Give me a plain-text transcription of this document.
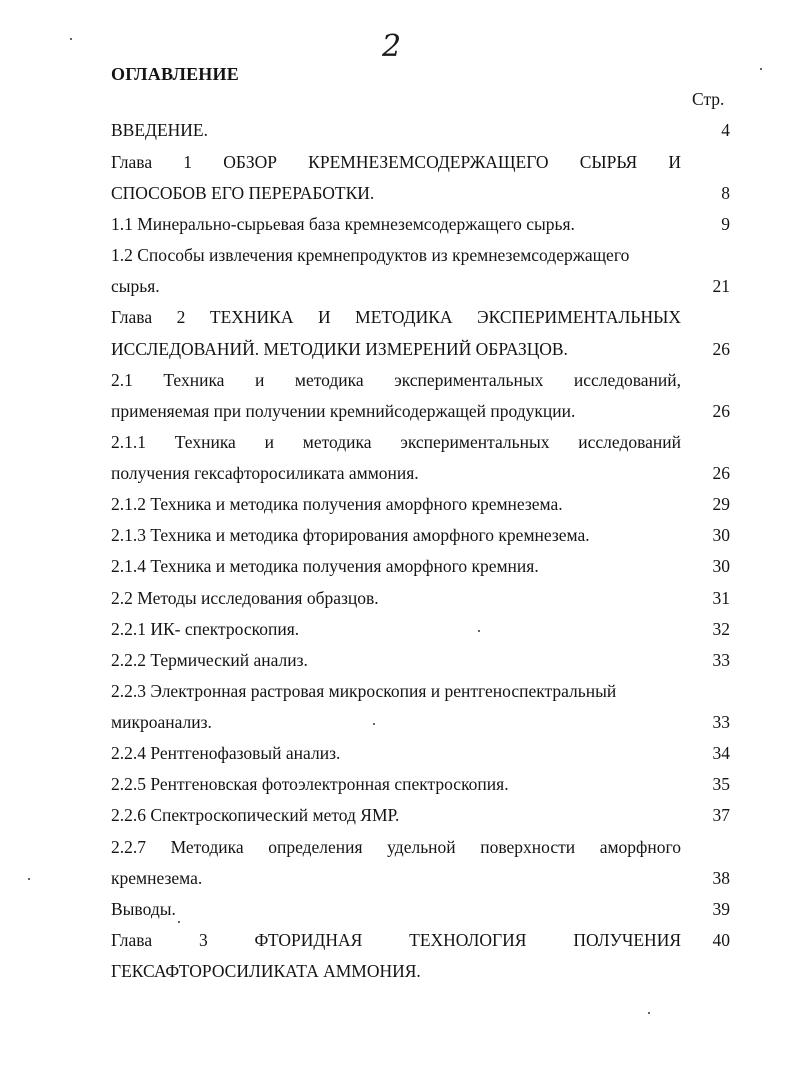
2
ОГЛАВЛЕНИЕ
Стр.
ВВЕДЕНИЕ.	4
Глава 1 ОБЗОР КРЕМНЕЗЕМСОДЕРЖАЩЕГО СЫРЬЯ И
СПОСОБОВ ЕГО ПЕРЕРАБОТКИ.	8
1.1 Минерально-сырьевая база кремнеземсодержащего сырья.	9
1.2 Способы извлечения кремнепродуктов из кремнеземсодержащего
сырья.	21
Глава 2 ТЕХНИКА И МЕТОДИКА ЭКСПЕРИМЕНТАЛЬНЫХ
ИССЛЕДОВАНИЙ. МЕТОДИКИ ИЗМЕРЕНИЙ ОБРАЗЦОВ.	26
2.1 Техника и методика экспериментальных исследований,
применяемая при получении кремнийсодержащей продукции.	26
2.1.1 Техника и методика экспериментальных исследований
получения гексафторосиликата аммония.	26
2.1.2 Техника и методика получения аморфного кремнезема.	29
2.1.3 Техника и методика фторирования аморфного кремнезема.	30
2.1.4 Техника и методика получения аморфного кремния.	30
2.2 Методы исследования образцов.	31
2.2.1 ИК- спектроскопия.	32
2.2.2 Термический анализ.	33
2.2.3 Электронная растровая микроскопия и рентгеноспектральный
микроанализ.	33
2.2.4 Рентгенофазовый анализ.	34
2.2.5 Рентгеновская фотоэлектронная спектроскопия.	35
2.2.6 Спектроскопический метод ЯМР.	37
2.2.7 Методика определения удельной поверхности аморфного
кремнезема.	38
Выводы.	39
Глава 3 ФТОРИДНАЯ ТЕХНОЛОГИЯ ПОЛУЧЕНИЯ	40
ГЕКСАФТОРОСИЛИКАТА АММОНИЯ.
